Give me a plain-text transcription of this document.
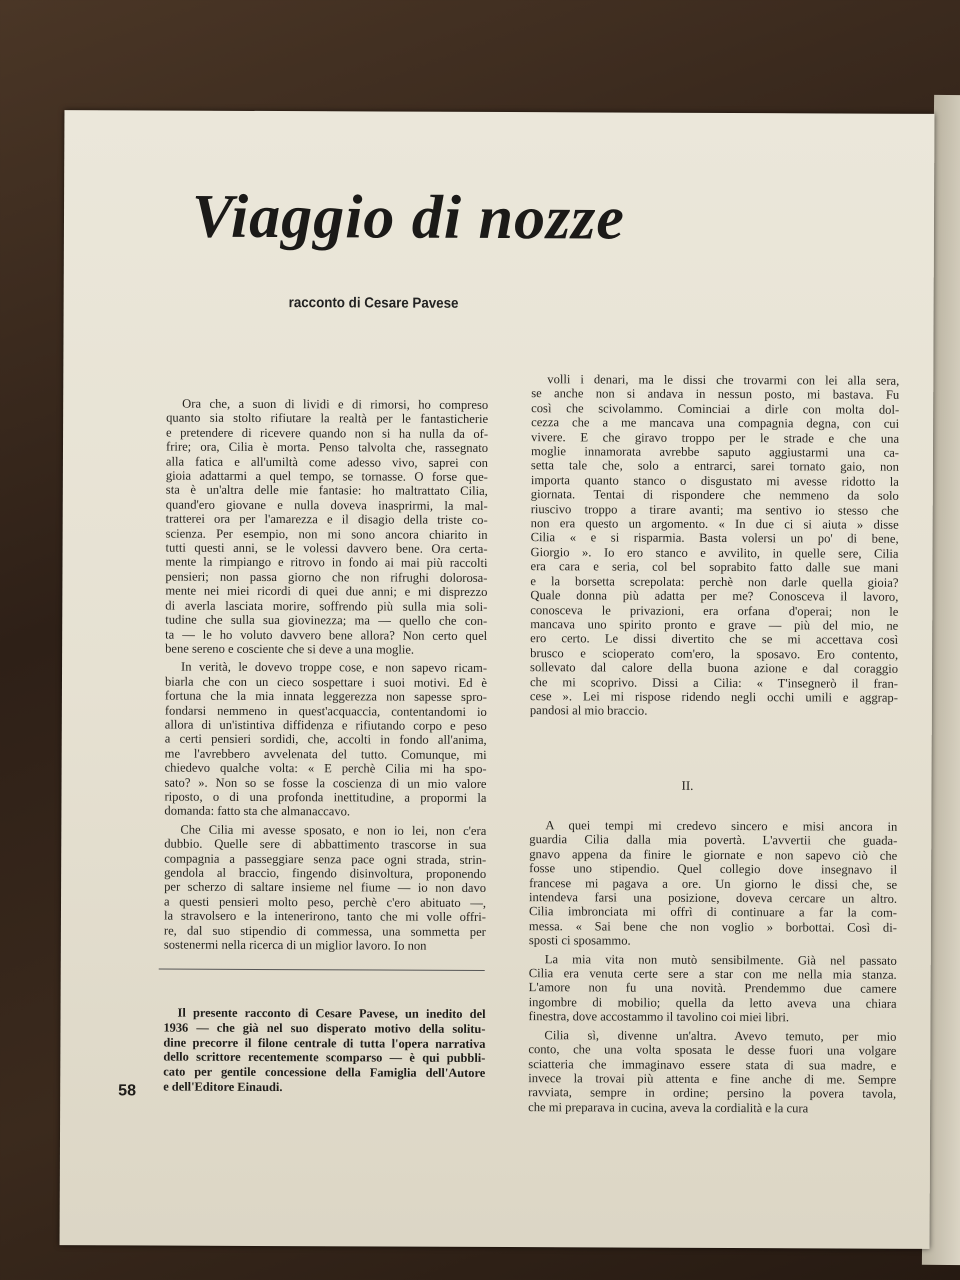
Viaggio di nozze
racconto di Cesare Pavese
Ora che, a suon di lividi e di rimorsi, ho compreso
quanto sia stolto rifiutare la realtà per le fantasticherie
e pretendere di ricevere quando non si ha nulla da of-
frire; ora, Cilia è morta. Penso talvolta che, rassegnato
alla fatica e all'umiltà come adesso vivo, saprei con
gioia adattarmi a quel tempo, se tornasse. O forse que-
sta è un'altra delle mie fantasie: ho maltrattato Cilia,
quand'ero giovane e nulla doveva inasprirmi, la mal-
tratterei ora per l'amarezza e il disagio della triste co-
scienza. Per esempio, non mi sono ancora chiarito in
tutti questi anni, se le volessi davvero bene. Ora certa-
mente la rimpiango e ritrovo in fondo ai mai più raccolti
pensieri; non passa giorno che non rifrughi dolorosa-
mente nei miei ricordi di quei due anni; e mi disprezzo
di averla lasciata morire, soffrendo più sulla mia soli-
tudine che sulla sua giovinezza; ma — quello che con-
ta — le ho voluto davvero bene allora? Non certo quel
bene sereno e cosciente che si deve a una moglie.
In verità, le dovevo troppe cose, e non sapevo ricam-
biarla che con un cieco sospettare i suoi motivi. Ed è
fortuna che la mia innata leggerezza non sapesse spro-
fondarsi nemmeno in quest'acquaccia, contentandomi io
allora di un'istintiva diffidenza e rifiutando corpo e peso
a certi pensieri sordidi, che, accolti in fondo all'anima,
me l'avrebbero avvelenata del tutto. Comunque, mi
chiedevo qualche volta: « E perchè Cilia mi ha spo-
sato? ». Non so se fosse la coscienza di un mio valore
riposto, o di una profonda inettitudine, a propormi la
domanda: fatto sta che almanaccavo.
Che Cilia mi avesse sposato, e non io lei, non c'era
dubbio. Quelle sere di abbattimento trascorse in sua
compagnia a passeggiare senza pace ogni strada, strin-
gendola al braccio, fingendo disinvoltura, proponendo
per scherzo di saltare insieme nel fiume — io non davo
a questi pensieri molto peso, perchè c'ero abituato —,
la stravolsero e la intenerirono, tanto che mi volle offri-
re, dal suo stipendio di commessa, una sommetta per
sostenermi nella ricerca di un miglior lavoro. Io non
volli i denari, ma le dissi che trovarmi con lei alla sera,
se anche non si andava in nessun posto, mi bastava. Fu
così che scivolammo. Cominciai a dirle con molta dol-
cezza che a me mancava una compagnia degna, con cui
vivere. E che giravo troppo per le strade e che una
moglie innamorata avrebbe saputo aggiustarmi una ca-
setta tale che, solo a entrarci, sarei tornato gaio, non
importa quanto stanco o disgustato mi avesse ridotto la
giornata. Tentai di rispondere che nemmeno da solo
riuscivo troppo a tirare avanti; ma sentivo io stesso che
non era questo un argomento. « In due ci si aiuta » disse
Cilia « e si risparmia. Basta volersi un po' di bene,
Giorgio ». Io ero stanco e avvilito, in quelle sere, Cilia
era cara e seria, col bel soprabito fatto dalle sue mani
e la borsetta screpolata: perchè non darle quella gioia?
Quale donna più adatta per me? Conosceva il lavoro,
conosceva le privazioni, era orfana d'operai; non le
mancava uno spirito pronto e grave — più del mio, ne
ero certo. Le dissi divertito che se mi accettava così
brusco e scioperato com'ero, la sposavo. Ero contento,
sollevato dal calore della buona azione e dal coraggio
che mi scoprivo. Dissi a Cilia: « T'insegnerò il fran-
cese ». Lei mi rispose ridendo negli occhi umili e aggrap-
pandosi al mio braccio.
II.
A quei tempi mi credevo sincero e misi ancora in
guardia Cilia dalla mia povertà. L'avvertii che guada-
gnavo appena da finire le giornate e non sapevo ciò che
fosse uno stipendio. Quel collegio dove insegnavo il
francese mi pagava a ore. Un giorno le dissi che, se
intendeva farsi una posizione, doveva cercare un altro.
Cilia imbronciata mi offrì di continuare a far la com-
messa. « Sai bene che non voglio » borbottai. Così di-
sposti ci sposammo.
La mia vita non mutò sensibilmente. Già nel passato
Cilia era venuta certe sere a star con me nella mia stanza.
L'amore non fu una novità. Prendemmo due camere
ingombre di mobilio; quella da letto aveva una chiara
finestra, dove accostammo il tavolino coi miei libri.
Cilia sì, divenne un'altra. Avevo temuto, per mio
conto, che una volta sposata le desse fuori una volgare
sciatteria che immaginavo essere stata di sua madre, e
invece la trovai più attenta e fine anche di me. Sempre
ravviata, sempre in ordine; persino la povera tavola,
che mi preparava in cucina, aveva la cordialità e la cura
Il presente racconto di Cesare Pavese, un inedito del
1936 — che già nel suo disperato motivo della solitu-
dine precorre il filone centrale di tutta l'opera narrativa
dello scrittore recentemente scomparso — è qui pubbli-
cato per gentile concessione della Famiglia dell'Autore
e dell'Editore Einaudi.
58
